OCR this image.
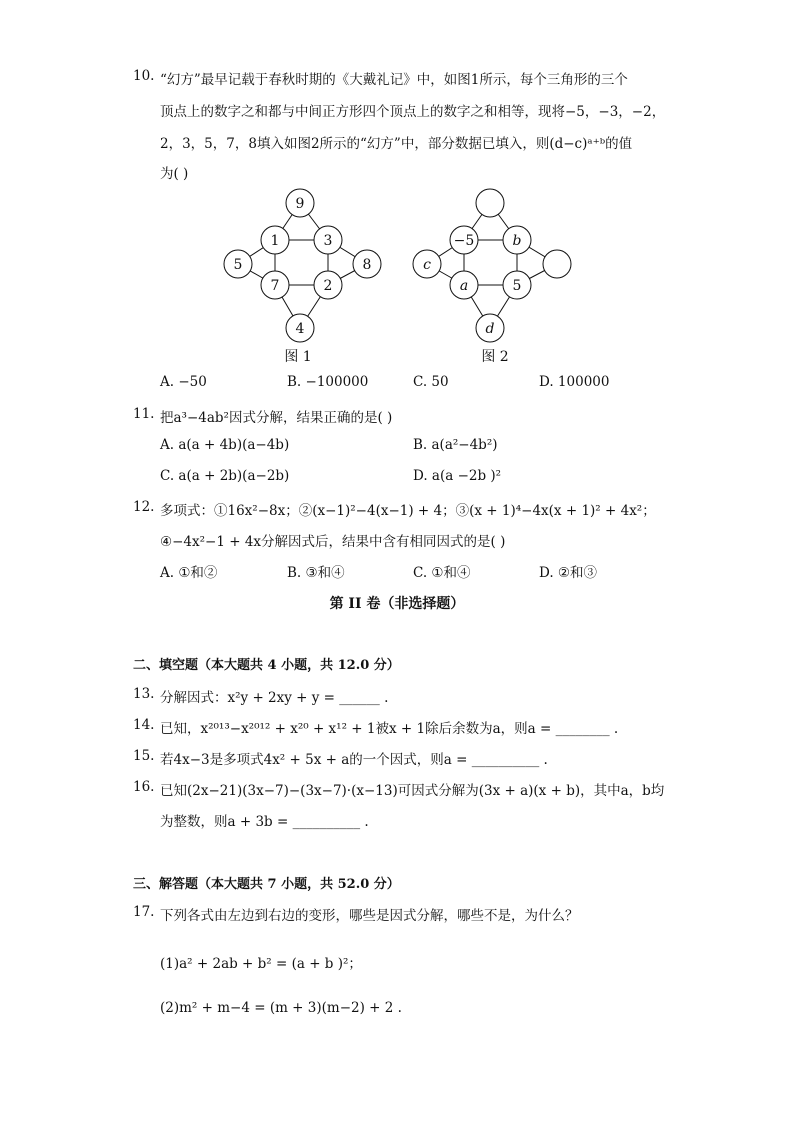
10. “幻方”最早记载于春秋时期的《大戴礼记》中，如图1所示，每个三角形的三个
顶点上的数字之和都与中间正方形四个顶点上的数字之和相等，现将−5，−3，−2，
2，3，5，7，8填入如图2所示的“幻方”中，部分数据已填入，则(d−c)ᵃ⁺ᵇ的值
为( )
9
1	3
5	8
7	2
4
图 1
−5	b
c
a	5
d
图 2
A. −50	B. −100000	C. 50	D. 100000
11. 把a³−4ab²因式分解，结果正确的是( )
A. a(a + 4b)(a−4b)	B. a(a²−4b²)
C. a(a + 2b)(a−2b)	D. a(a −2b )²
12. 多项式：①16x²−8x；②(x−1)²−4(x−1) + 4；③(x + 1)⁴−4x(x + 1)² + 4x²；
④−4x²−1 + 4x分解因式后，结果中含有相同因式的是( )
A. ①和②	B. ③和④	C. ①和④	D. ②和③
第 II 卷（非选择题）
二、填空题（本大题共 4 小题，共 12.0 分）
13. 分解因式：x²y + 2xy + y = ______ .
14. 已知，x²⁰¹³−x²⁰¹² + x²⁰ + x¹² + 1被x + 1除后余数为a，则a = ________ .
15. 若4x−3是多项式4x² + 5x + a的一个因式，则a = __________ .
16. 已知(2x−21)(3x−7)−(3x−7)·(x−13)可因式分解为(3x + a)(x + b)，其中a，b均
为整数，则a + 3b = __________ .
三、解答题（本大题共 7 小题，共 52.0 分）
17. 下列各式由左边到右边的变形，哪些是因式分解，哪些不是，为什么？
(1)a² + 2ab + b² = (a + b )²；
(2)m² + m−4 = (m + 3)(m−2) + 2 .
